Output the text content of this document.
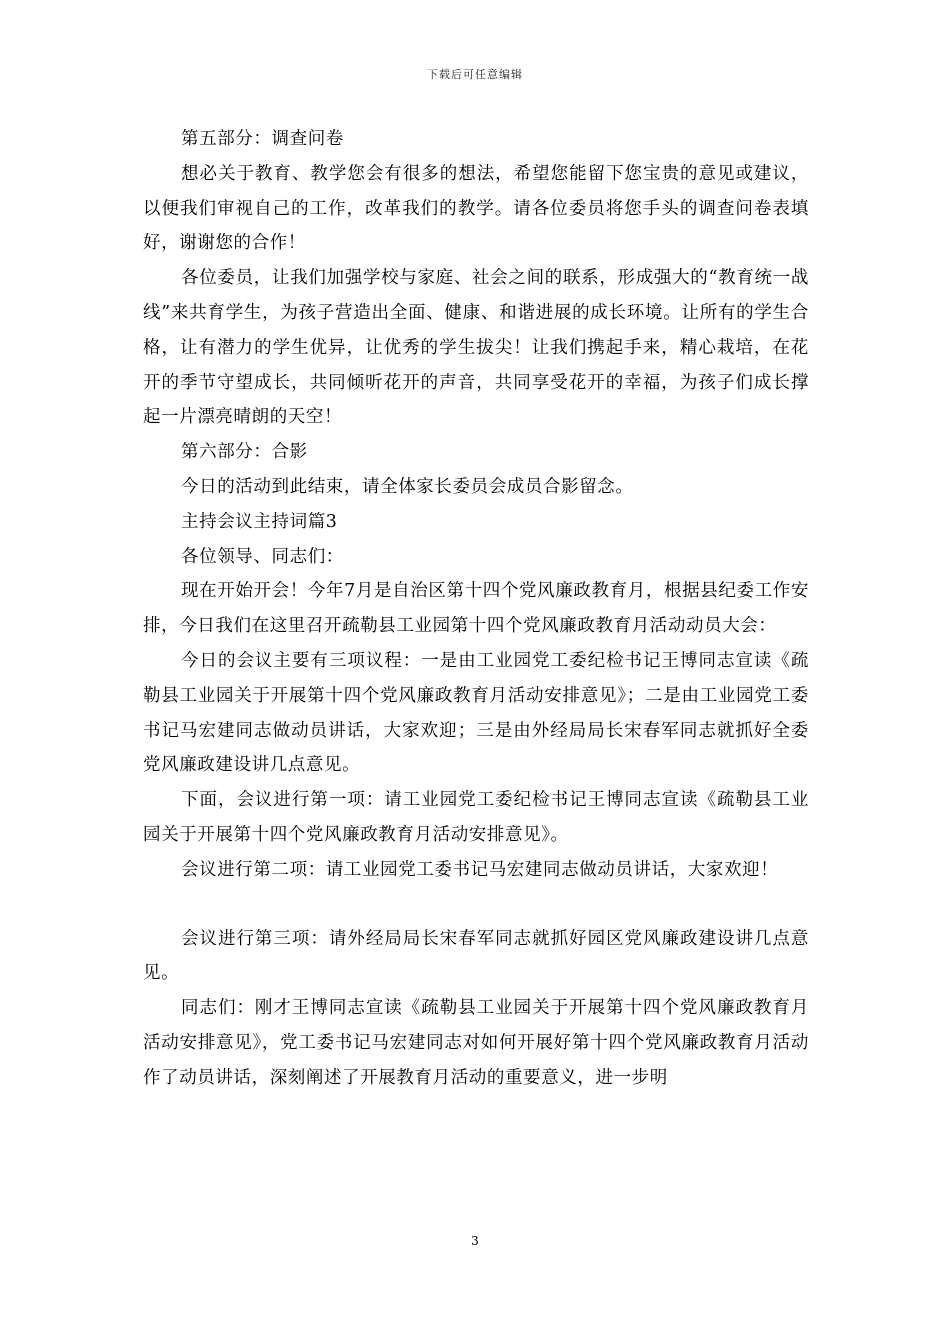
下载后可任意编辑

第五部分：调查问卷

想必关于教育、教学您会有很多的想法，希望您能留下您宝贵的意见或建议，以便我们审视自己的工作，改革我们的教学。请各位委员将您手头的调查问卷表填好，谢谢您的合作！

各位委员，让我们加强学校与家庭、社会之间的联系，形成强大的“教育统一战线”来共育学生，为孩子营造出全面、健康、和谐进展的成长环境。让所有的学生合格，让有潜力的学生优异，让优秀的学生拔尖！让我们携起手来，精心栽培，在花开的季节守望成长，共同倾听花开的声音，共同享受花开的幸福，为孩子们成长撑起一片漂亮晴朗的天空！

第六部分：合影

今日的活动到此结束，请全体家长委员会成员合影留念。

主持会议主持词篇3

各位领导、同志们：

现在开始开会！今年7月是自治区第十四个党风廉政教育月，根据县纪委工作安排，今日我们在这里召开疏勒县工业园第十四个党风廉政教育月活动动员大会：

今日的会议主要有三项议程：一是由工业园党工委纪检书记王博同志宣读《疏勒县工业园关于开展第十四个党风廉政教育月活动安排意见》；二是由工业园党工委书记马宏建同志做动员讲话，大家欢迎；三是由外经局局长宋春军同志就抓好全委党风廉政建设讲几点意见。

下面，会议进行第一项：请工业园党工委纪检书记王博同志宣读《疏勒县工业园关于开展第十四个党风廉政教育月活动安排意见》。

会议进行第二项：请工业园党工委书记马宏建同志做动员讲话，大家欢迎！

会议进行第三项：请外经局局长宋春军同志就抓好园区党风廉政建设讲几点意见。

同志们：刚才王博同志宣读《疏勒县工业园关于开展第十四个党风廉政教育月活动安排意见》，党工委书记马宏建同志对如何开展好第十四个党风廉政教育月活动作了动员讲话，深刻阐述了开展教育月活动的重要意义，进一步明

3
